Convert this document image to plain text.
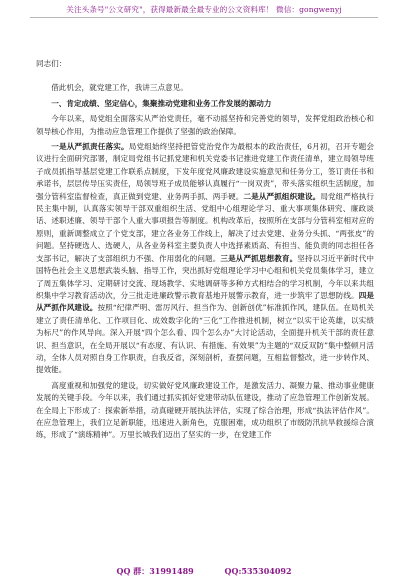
关注头条号"公文研究"，获得最新最全最专业的公文资料库！ 微信：gongwenyj

同志们：

借此机会，就党建工作，我讲三点意见。

一、肯定成绩、坚定信心，集聚推动党建和业务工作发展的源动力

今年以来，局党组全面落实从严治党责任，毫不动摇坚持和完善党的领导，发挥党组政治核心和领导核心作用，为推动应急管理工作提供了坚强的政治保障。

一是从严抓责任落实。局党组始终坚持把管党治党作为最根本的政治责任，6月初，召开专题会议进行全面研究部署，制定局党组书记抓党建和机关党委书记推进党建工作责任清单，建立局领导班子成员抓指导基层党建工作联系点制度，下发年度党风廉政建设实施意见和任务分工，签订责任书和承诺书，层层传导压实责任，局领导班子成员能够认真履行“一岗双责”，带头落实组织生活制度，加强分管科室监督检查，真正做到党建、业务两手抓、两手硬。二是从严抓组织建设。局党组严格执行民主集中制，认真落实领导干部双重组织生活、党组中心组理论学习、重大事项集体研究、廉政谈话、述职述廉、领导干部个人重大事项报告等制度。机构改革后，按照所在支部与分管科室相对应的原则，重新调整成立了个党支部，建立各业务工作线上，解决了过去党建、业务分头抓、“两张皮”的问题。坚持硬选人、选硬人，从各业务科室主要负责人中选择素质高、有担当、能负责的同志担任各支部书记，解决了支部组织力不强、作用弱化的问题。三是从严抓思想教育。坚持以习近平新时代中国特色社会主义思想武装头脑、指导工作，突出抓好党组理论学习中心组和机关党员集体学习，建立了周五集体学习、定期研讨交流、现场教学、实地调研等多种方式相结合的学习机制，今年以来共组织集中学习教育活动次，分三批走进廉政警示教育基地开展警示教育，进一步筑牢了思想防线。四是从严抓作风建设。按照“纪律严明、雷厉风行、担当作为、创新创优”标准抓作风，建队伍。在局机关建立了责任清单化、工作项目化、成效数字化的“三化”工作推进机制，树立“以实干论英雄，以实绩为标尺”的作风导向。深入开展“四个怎么看、四个怎么办”大讨论活动，全面提升机关干部的责任意识、担当意识，在全局开展以“有态度、有认识、有措施、有效果”为主题的“双反双防”集中整顿月活动，全体人员对照自身工作职责，自我反省，深刻剖析，查摆问题，互相监督整改，进一步转作风、提效能。

高度重视和加强党的建设，切实做好党风廉政建设工作，是激发活力、凝聚力量、推动事业健康发展的关键手段。今年以来，我们通过抓实抓好党建带动队伍建设，推动了应急管理工作创新发展。在全局上下形成了：探索新举措，动真碰硬开展执法评估，实现了综合治理，形成“执法评估作风”。在应急管理上，我们立足新职能，迅速进入新角色，克服困难，成功组织了市级防汛抗旱救援综合演练，形成了“演练精神”。万里长城我们迈出了坚实的一步，在党建工作

QQ 群：31991489	QQ:535304092
